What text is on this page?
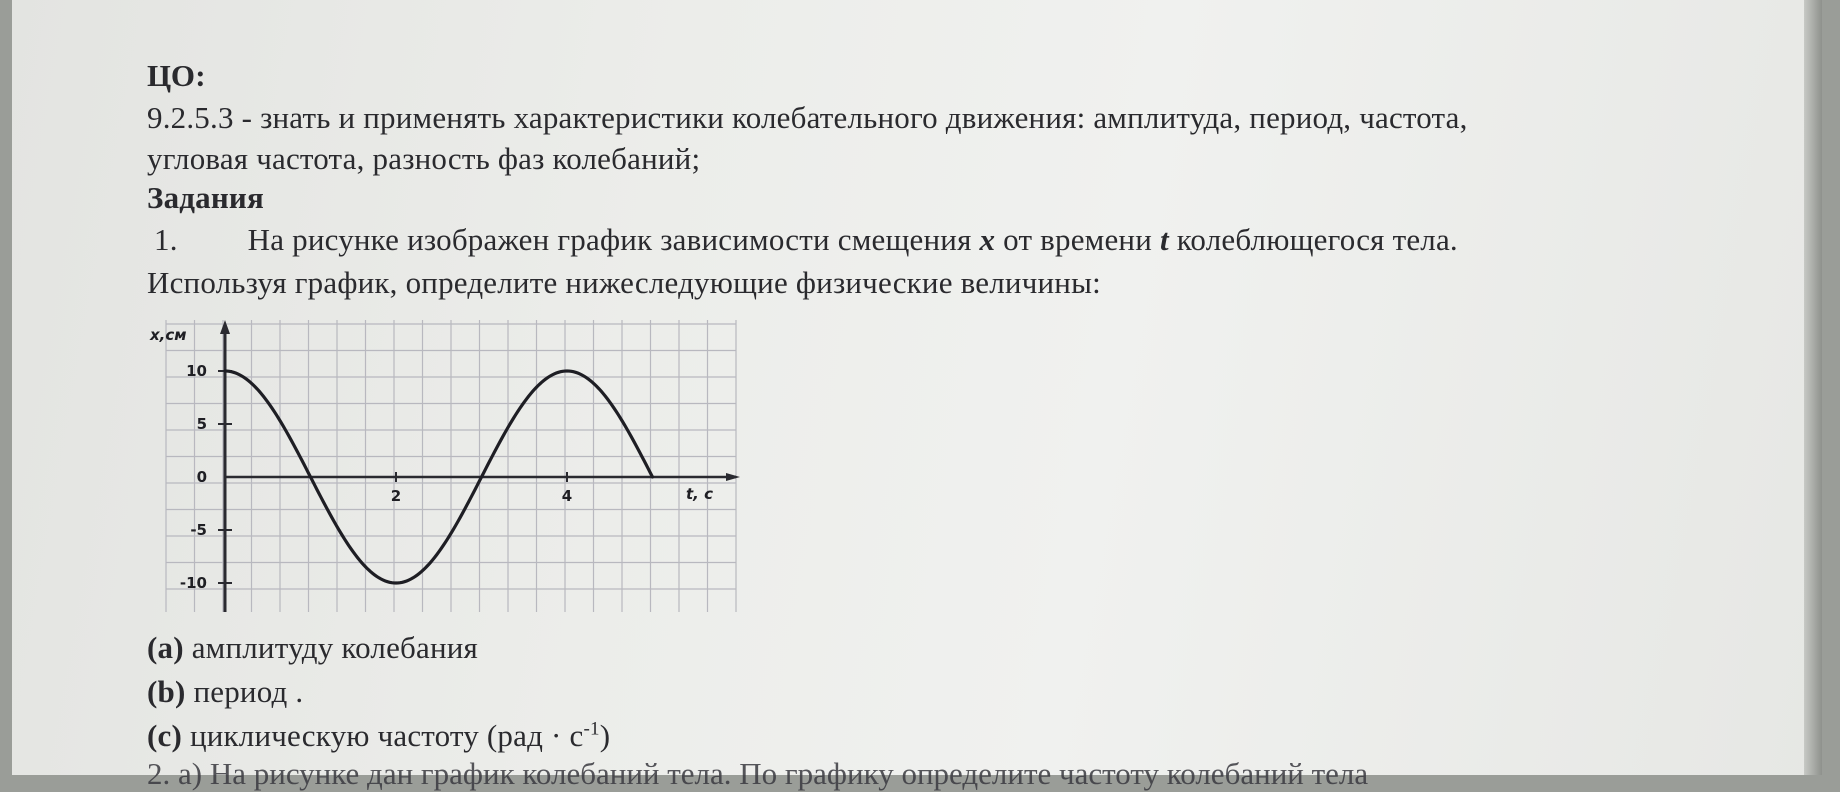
ЦО:
9.2.5.3 - знать и применять характеристики колебательного движения: амплитуда, период, частота,
угловая частота, разность фаз колебаний;
Задания
1. На рисунке изображен график зависимости смещения x от времени t колеблющегося тела.
Используя график, определите нижеследующие физические величины:
10
5
0
-5
-10
2	4
x,см
t, с
(a) амплитуду колебания
(b) период .
(c) циклическую частоту $(рад \cdot с^{-1})$
2. а) На рисунке дан график колебаний тела. По графику определите частоту колебаний тела
